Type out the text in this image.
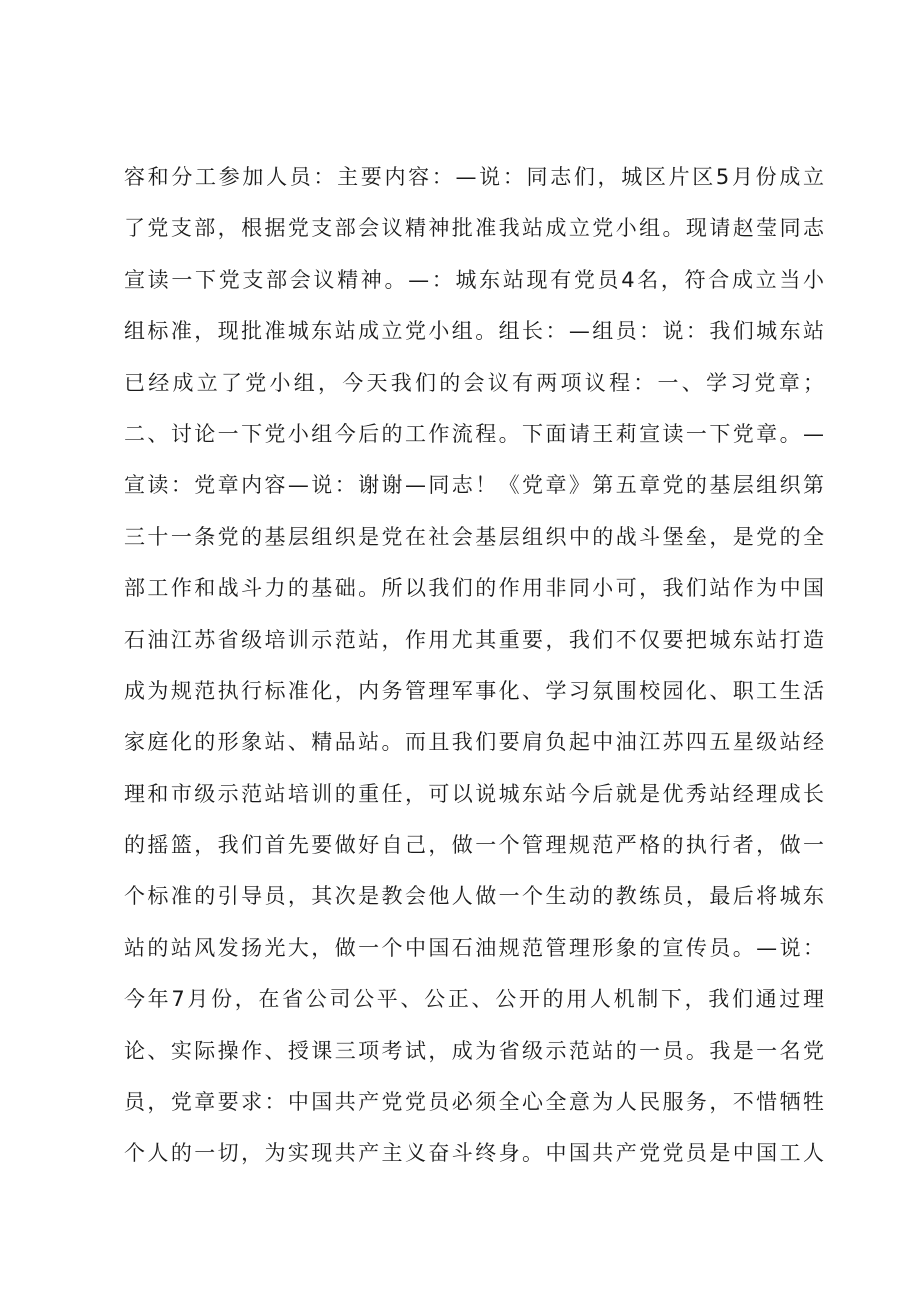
容和分工参加人员：主要内容：—说：同志们，城区片区5月份成立
了党支部，根据党支部会议精神批准我站成立党小组。现请赵莹同志
宣读一下党支部会议精神。—：城东站现有党员4名，符合成立当小
组标准，现批准城东站成立党小组。组长：—组员：说：我们城东站
已经成立了党小组，今天我们的会议有两项议程：一、学习党章；
二、讨论一下党小组今后的工作流程。下面请王莉宣读一下党章。—
宣读：党章内容—说：谢谢—同志！《党章》第五章党的基层组织第
三十一条党的基层组织是党在社会基层组织中的战斗堡垒，是党的全
部工作和战斗力的基础。所以我们的作用非同小可，我们站作为中国
石油江苏省级培训示范站，作用尤其重要，我们不仅要把城东站打造
成为规范执行标准化，内务管理军事化、学习氛围校园化、职工生活
家庭化的形象站、精品站。而且我们要肩负起中油江苏四五星级站经
理和市级示范站培训的重任，可以说城东站今后就是优秀站经理成长
的摇篮，我们首先要做好自己，做一个管理规范严格的执行者，做一
个标准的引导员，其次是教会他人做一个生动的教练员，最后将城东
站的站风发扬光大，做一个中国石油规范管理形象的宣传员。—说：
今年7月份，在省公司公平、公正、公开的用人机制下，我们通过理
论、实际操作、授课三项考试，成为省级示范站的一员。我是一名党
员，党章要求：中国共产党党员必须全心全意为人民服务，不惜牺牲
个人的一切，为实现共产主义奋斗终身。中国共产党党员是中国工人
